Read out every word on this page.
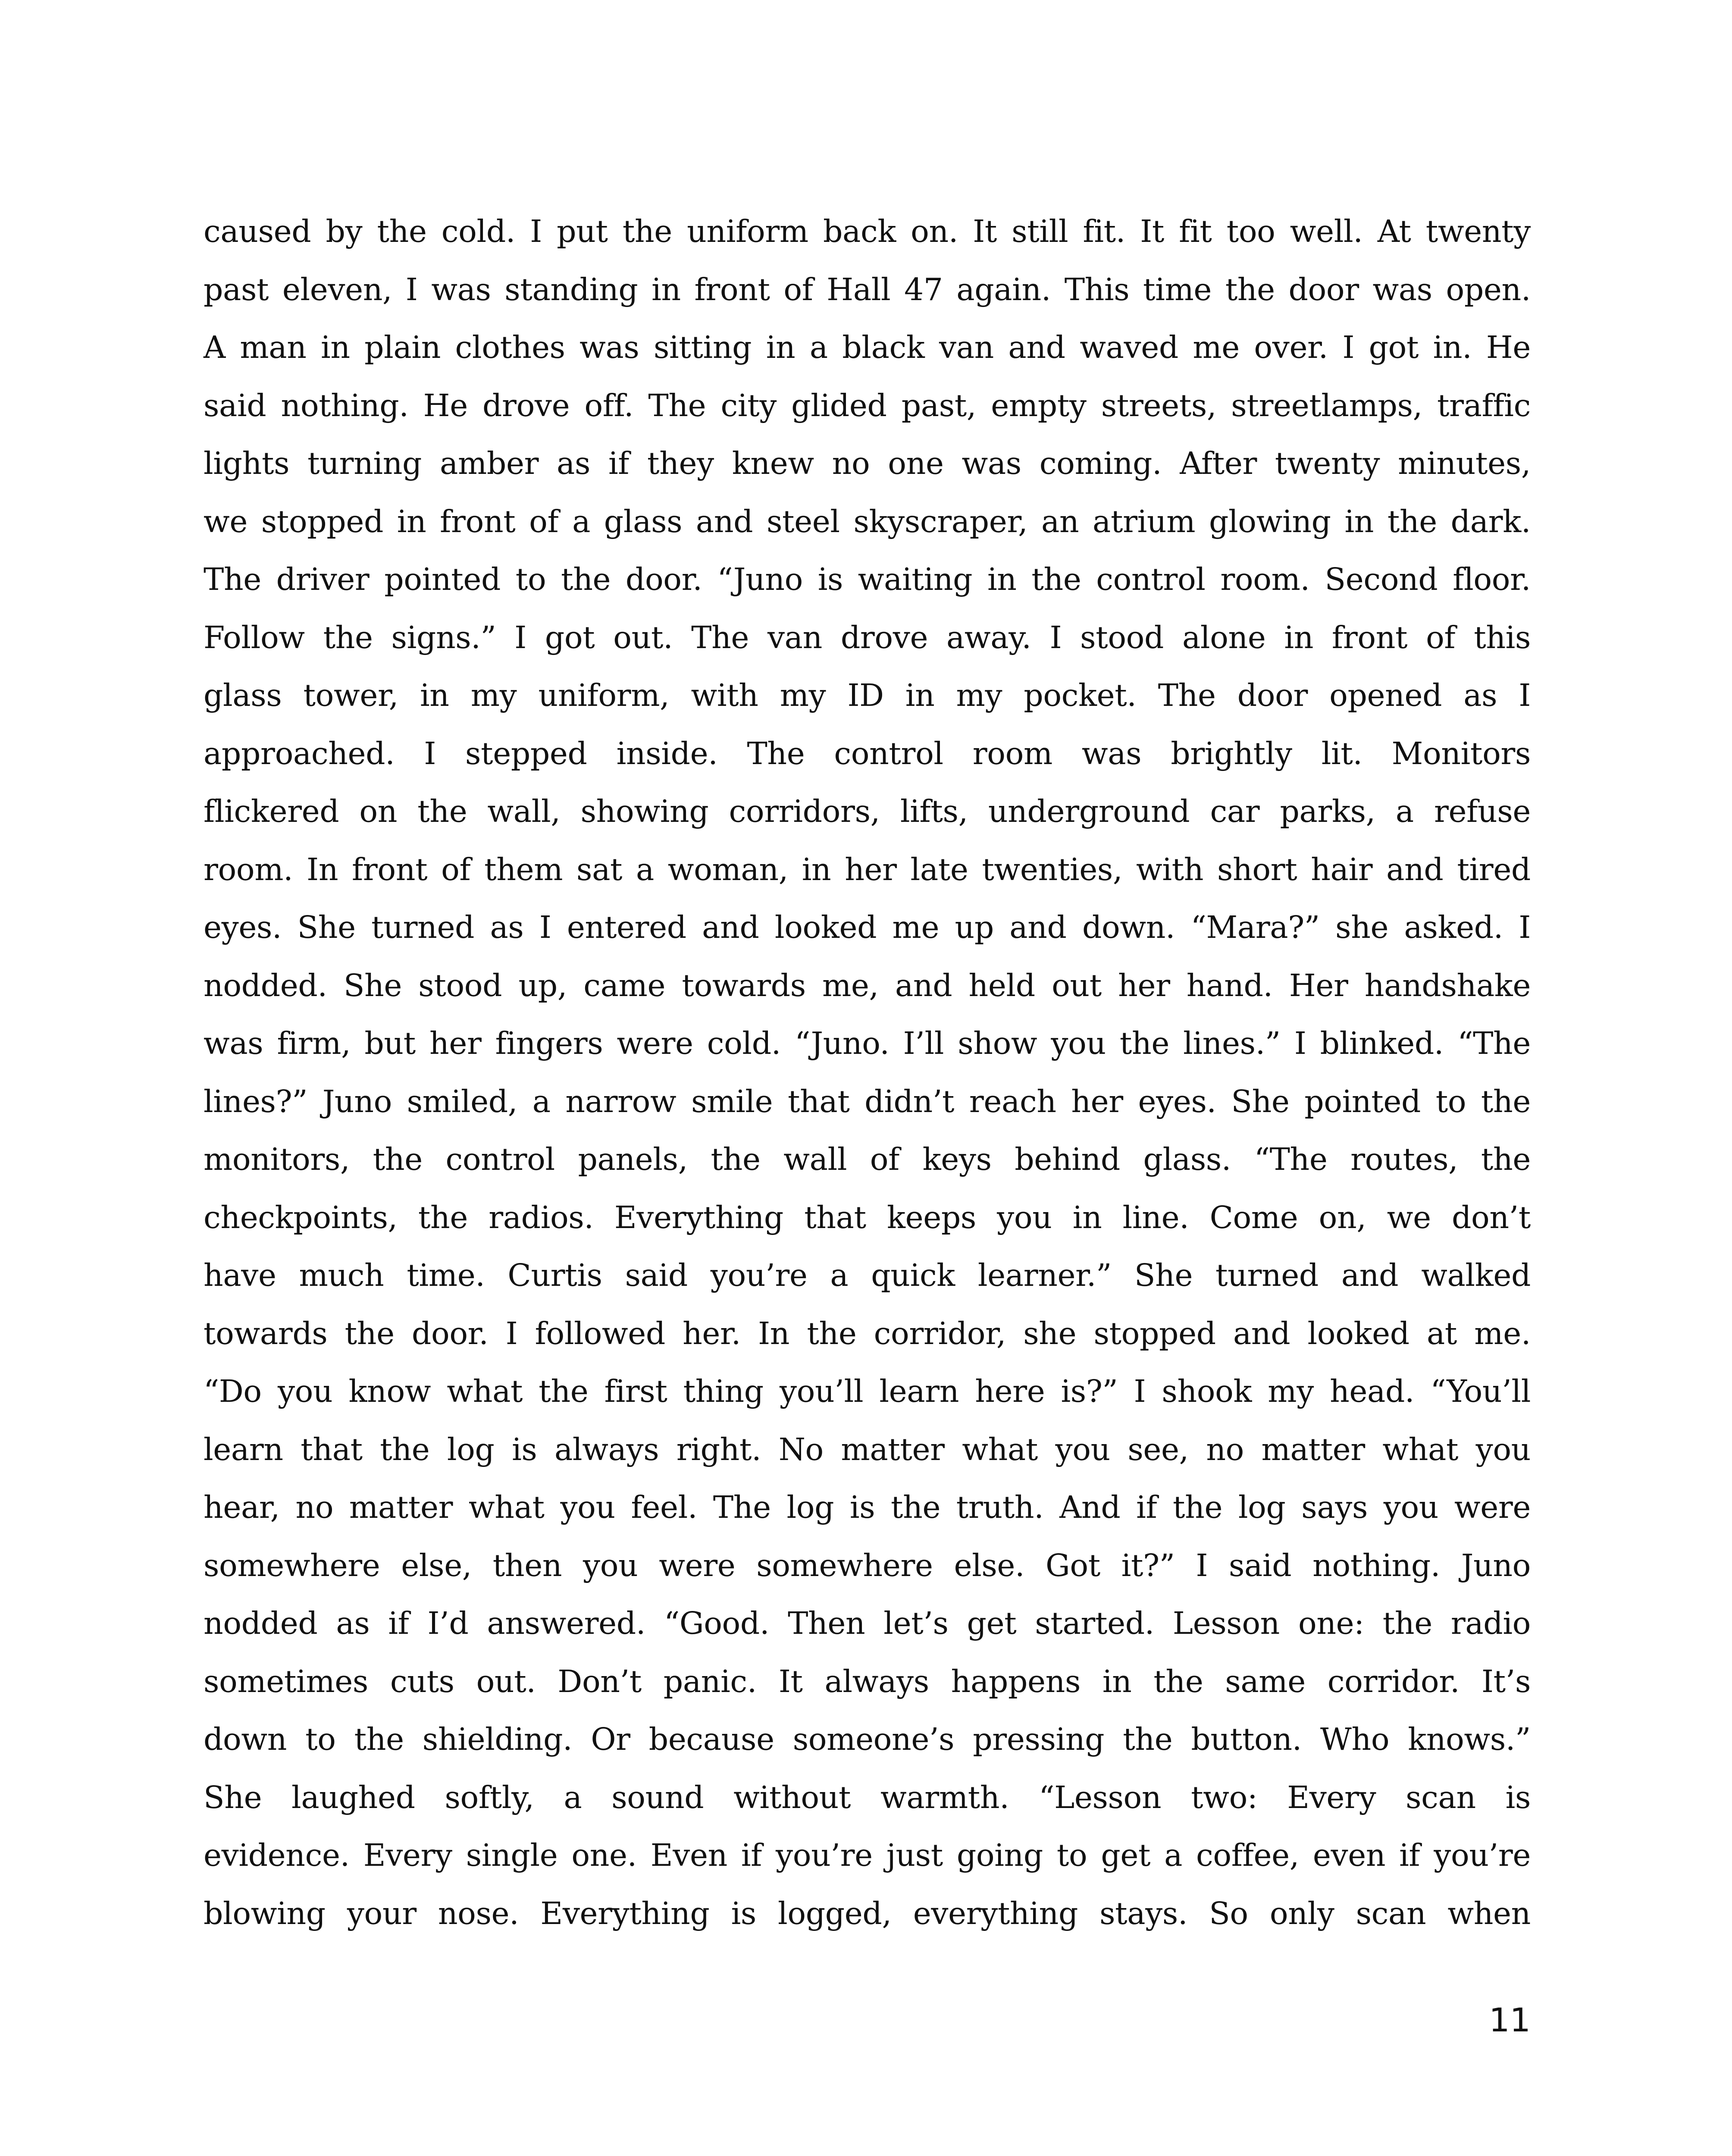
caused by the cold. I put the uniform back on. It still fit. It fit too well. At twenty
past eleven, I was standing in front of Hall 47 again. This time the door was open.
A man in plain clothes was sitting in a black van and waved me over. I got in. He
said nothing. He drove off. The city glided past, empty streets, streetlamps, traffic
lights turning amber as if they knew no one was coming. After twenty minutes,
we stopped in front of a glass and steel skyscraper, an atrium glowing in the dark.
The driver pointed to the door. “Juno is waiting in the control room. Second floor.
Follow the signs.” I got out. The van drove away. I stood alone in front of this
glass tower, in my uniform, with my ID in my pocket. The door opened as I
approached. I stepped inside. The control room was brightly lit. Monitors
flickered on the wall, showing corridors, lifts, underground car parks, a refuse
room. In front of them sat a woman, in her late twenties, with short hair and tired
eyes. She turned as I entered and looked me up and down. “Mara?” she asked. I
nodded. She stood up, came towards me, and held out her hand. Her handshake
was firm, but her fingers were cold. “Juno. I’ll show you the lines.” I blinked. “The
lines?” Juno smiled, a narrow smile that didn’t reach her eyes. She pointed to the
monitors, the control panels, the wall of keys behind glass. “The routes, the
checkpoints, the radios. Everything that keeps you in line. Come on, we don’t
have much time. Curtis said you’re a quick learner.” She turned and walked
towards the door. I followed her. In the corridor, she stopped and looked at me.
“Do you know what the first thing you’ll learn here is?” I shook my head. “You’ll
learn that the log is always right. No matter what you see, no matter what you
hear, no matter what you feel. The log is the truth. And if the log says you were
somewhere else, then you were somewhere else. Got it?” I said nothing. Juno
nodded as if I’d answered. “Good. Then let’s get started. Lesson one: the radio
sometimes cuts out. Don’t panic. It always happens in the same corridor. It’s
down to the shielding. Or because someone’s pressing the button. Who knows.”
She laughed softly, a sound without warmth. “Lesson two: Every scan is
evidence. Every single one. Even if you’re just going to get a coffee, even if you’re
blowing your nose. Everything is logged, everything stays. So only scan when
11
